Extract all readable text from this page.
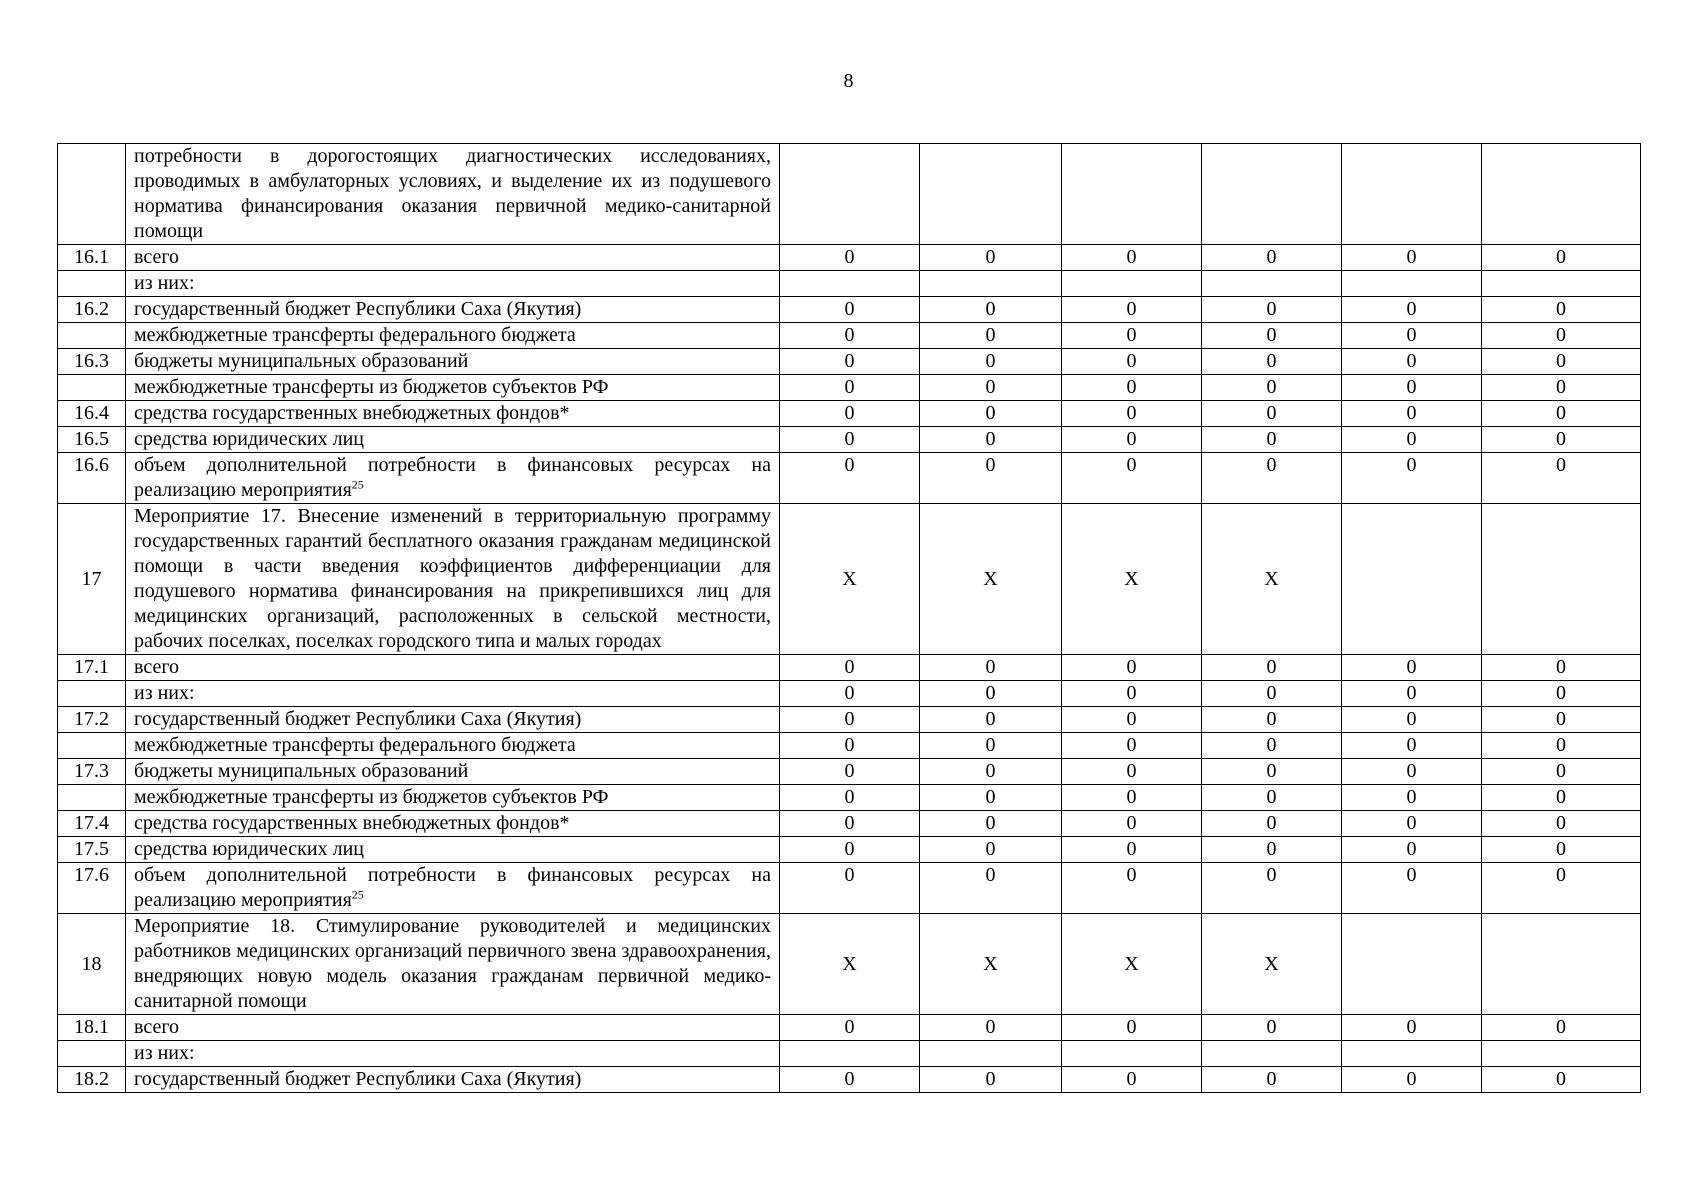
8
	потребности в дорогостоящих диагностических исследованиях, проводимых в амбулаторных условиях, и выделение их из подушевого норматива финансирования оказания первичной медико-санитарной помощи						
16.1	всего	0	0	0	0	0	0
	из них:						
16.2	государственный бюджет Республики Саха (Якутия)	0	0	0	0	0	0
	межбюджетные трансферты федерального бюджета	0	0	0	0	0	0
16.3	бюджеты муниципальных образований	0	0	0	0	0	0
	межбюджетные трансферты из бюджетов субъектов РФ	0	0	0	0	0	0
16.4	средства государственных внебюджетных фондов*	0	0	0	0	0	0
16.5	средства юридических лиц	0	0	0	0	0	0
16.6	объем дополнительной потребности в финансовых ресурсах на реализацию мероприятия$^{25}$	0	0	0	0	0	0
17	Мероприятие 17. Внесение изменений в территориальную программу государственных гарантий бесплатного оказания гражданам медицинской помощи в части введения коэффициентов дифференциации для подушевого норматива финансирования на прикрепившихся лиц для медицинских организаций, расположенных в сельской местности, рабочих поселках, поселках городского типа и малых городах	X	X	X	X		
17.1	всего	0	0	0	0	0	0
	из них:	0	0	0	0	0	0
17.2	государственный бюджет Республики Саха (Якутия)	0	0	0	0	0	0
	межбюджетные трансферты федерального бюджета	0	0	0	0	0	0
17.3	бюджеты муниципальных образований	0	0	0	0	0	0
	межбюджетные трансферты из бюджетов субъектов РФ	0	0	0	0	0	0
17.4	средства государственных внебюджетных фондов*	0	0	0	0	0	0
17.5	средства юридических лиц	0	0	0	0	0	0
17.6	объем дополнительной потребности в финансовых ресурсах на реализацию мероприятия$^{25}$	0	0	0	0	0	0
18	Мероприятие 18. Стимулирование руководителей и медицинских работников медицинских организаций первичного звена здравоохранения, внедряющих новую модель оказания гражданам первичной медико-санитарной помощи	X	X	X	X		
18.1	всего	0	0	0	0	0	0
	из них:						
18.2	государственный бюджет Республики Саха (Якутия)	0	0	0	0	0	0
